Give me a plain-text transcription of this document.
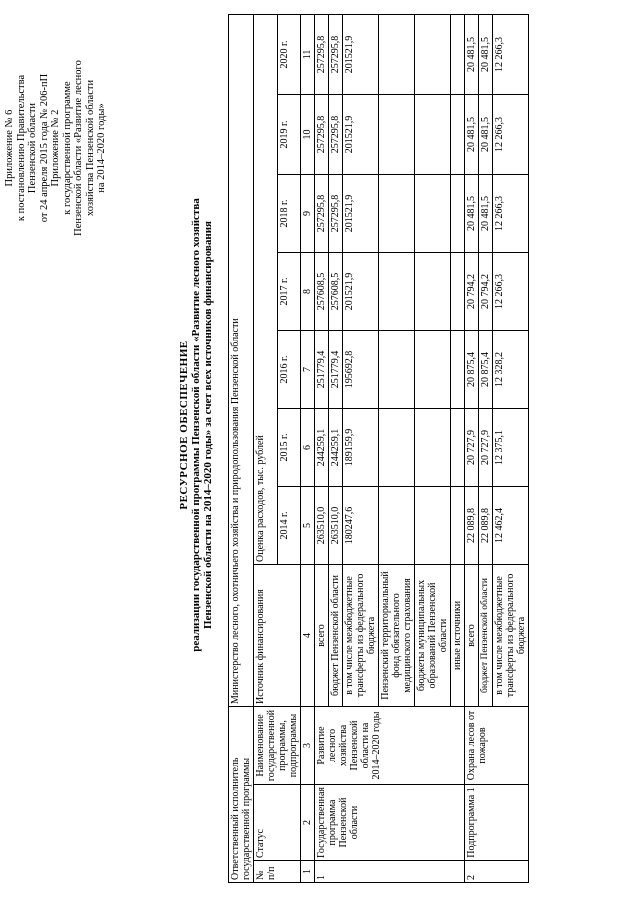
Приложение № 6 к постановлению Правительства Пензенской области от 24 апреля 2015 года № 206-пП Приложение № 2 к государственной программе Пензенской области «Развитие лесного хозяйства Пензенской области на 2014–2020 годы»
РЕСУРСНОЕ ОБЕСПЕЧЕНИЕ реализации государственной программы Пензенской области «Развитие лесного хозяйства Пензенской области на 2014–2020 годы» за счет всех источников финансирования
Ответственный исполнитель государственной программы			Министерство лесного, охотничьего хозяйства и природопользования Пензенской области							
№ п/п	Статус	Наименование государственной программы, подпрограммы	Источник финансирования	Оценка расходов, тыс. рублей						
				2014 г.	2015 г.	2016 г.	2017 г.	2018 г.	2019 г.	2020 г.
1	2	3	4	5	6	7	8	9	10	11
1	Государственная программа Пензенской области	Развитие лесного хозяйства Пензенской области на 2014–2020 годы	всего	263510,0	244259,1	251779,4	257608,5	257295,8	257295,8	257295,8
			бюджет Пензенской области	263510,0	244259,1	251779,4	257608,5	257295,8	257295,8	257295,8
			в том числе межбюджетные трансферты из федерального бюджета	180247,6	189159,9	195692,8	201521,9	201521,9	201521,9	201521,9
			Пензенский территориальный фонд обязательного медицинского страхования							
			бюджеты муниципальных образований Пензенской области							
			иные источники							
2	Подпрограмма 1	Охрана лесов от пожаров	всего	22 089,8	20 727,9	20 875,4	20 794,2	20 481,5	20 481,5	20 481,5
			бюджет Пензенской области	22 089,8	20 727,9	20 875,4	20 794,2	20 481,5	20 481,5	20 481,5
			в том числе межбюджетные трансферты из федерального бюджета	12 462,4	12 375,1	12 328,2	12 266,3	12 266,3	12 266,3	12 266,3
